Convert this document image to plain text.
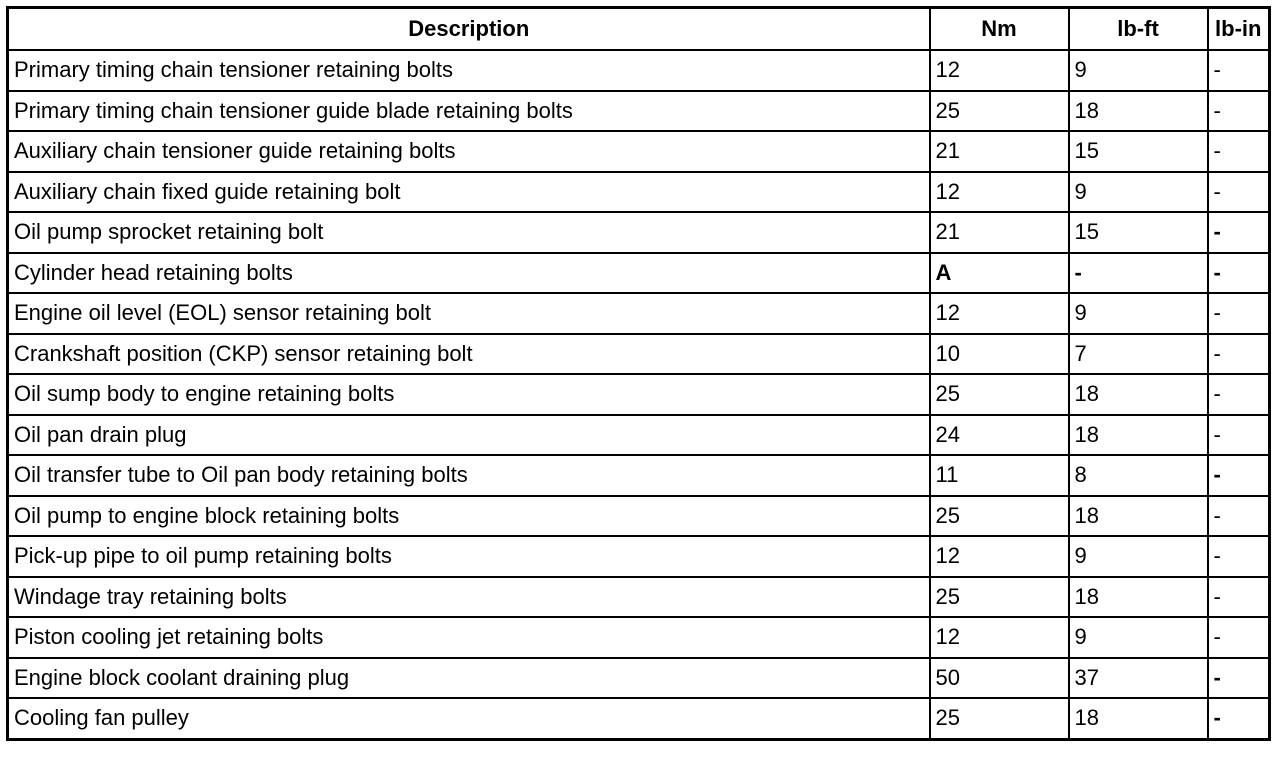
Description	Nm	lb-ft	lb-in
Primary timing chain tensioner retaining bolts	12	9	-
Primary timing chain tensioner guide blade retaining bolts	25	18	-
Auxiliary chain tensioner guide retaining bolts	21	15	-
Auxiliary chain fixed guide retaining bolt	12	9	-
Oil pump sprocket retaining bolt	21	15	-
Cylinder head retaining bolts	A	-	-
Engine oil level (EOL) sensor retaining bolt	12	9	-
Crankshaft position (CKP) sensor retaining bolt	10	7	-
Oil sump body to engine retaining bolts	25	18	-
Oil pan drain plug	24	18	-
Oil transfer tube to Oil pan body retaining bolts	11	8	-
Oil pump to engine block retaining bolts	25	18	-
Pick-up pipe to oil pump retaining bolts	12	9	-
Windage tray retaining bolts	25	18	-
Piston cooling jet retaining bolts	12	9	-
Engine block coolant draining plug	50	37	-
Cooling fan pulley	25	18	-
